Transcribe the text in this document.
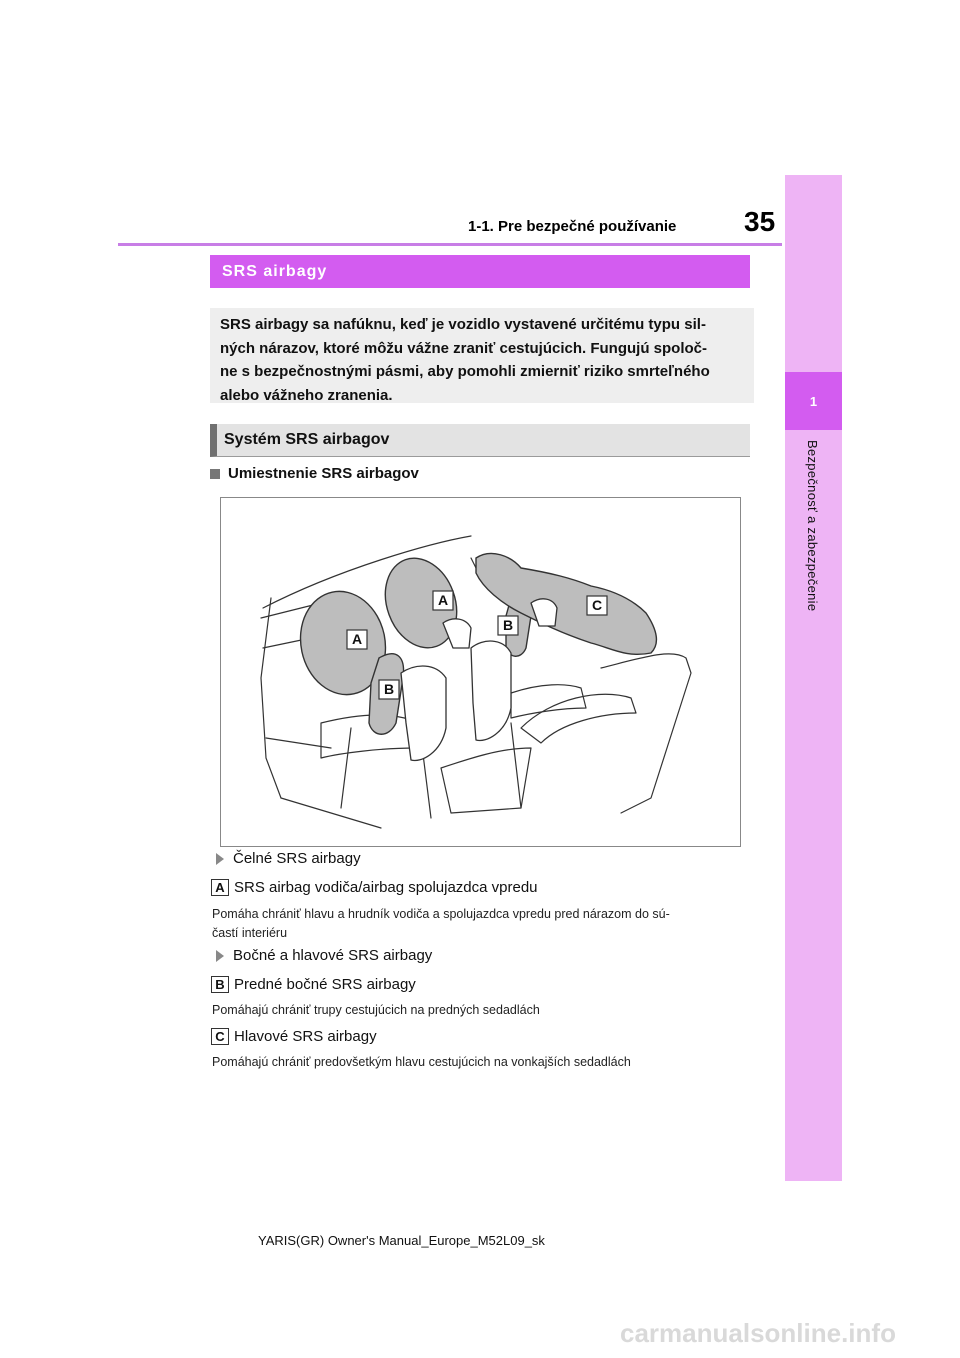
35
1-1. Pre bezpečné používanie
1
Bezpečnosť a zabezpečenie
SRS airbagy
SRS airbagy sa nafúknu, keď je vozidlo vystavené určitému typu sil-
ných nárazov, ktoré môžu vážne zraniť cestujúcich. Fungujú spoloč-
ne s bezpečnostnými pásmi, aby pomohli zmierniť riziko smrteľného
alebo vážneho zranenia.
Systém SRS airbagov
Umiestnenie SRS airbagov
A
A
B
B
C
Čelné SRS airbagy
A SRS airbag vodiča/airbag spolujazdca vpredu
Pomáha chrániť hlavu a hrudník vodiča a spolujazdca vpredu pred nárazom do sú-
častí interiéru
Bočné a hlavové SRS airbagy
B Predné bočné SRS airbagy
Pomáhajú chrániť trupy cestujúcich na predných sedadlách
C Hlavové SRS airbagy
Pomáhajú chrániť predovšetkým hlavu cestujúcich na vonkajších sedadlách
YARIS(GR) Owner's Manual_Europe_M52L09_sk
carmanualsonline.info
